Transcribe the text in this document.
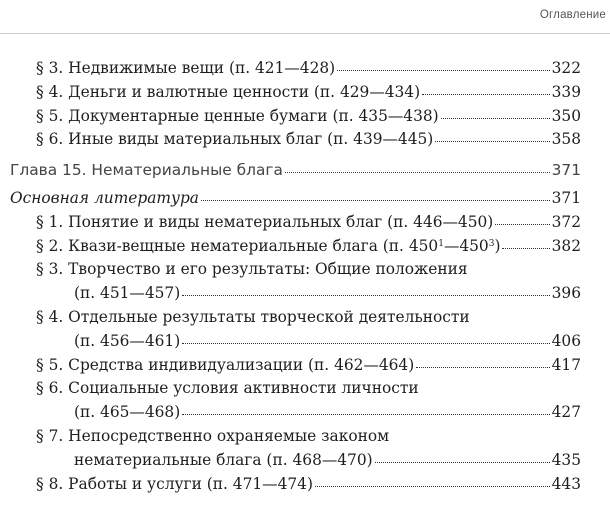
Оглавление
§ 3. Недвижимые вещи (п. 421—428)	322
§ 4. Деньги и валютные ценности (п. 429—434)	339
§ 5. Документарные ценные бумаги (п. 435—438)	350
§ 6. Иные виды материальных благ (п. 439—445)	358
Глава 15. Нематериальные блага	371
Основная литература	371
§ 1. Понятие и виды нематериальных благ (п. 446—450)	372
§ 2. Квази-вещные нематериальные блага (п. $450^1—450^3$)	382
§ 3. Творчество и его результаты: Общие положения
(п. 451—457)	396
§ 4. Отдельные результаты творческой деятельности
(п. 456—461)	406
§ 5. Средства индивидуализации (п. 462—464)	417
§ 6. Социальные условия активности личности
(п. 465—468)	427
§ 7. Непосредственно охраняемые законом
нематериальные блага (п. 468—470)	435
§ 8. Работы и услуги (п. 471—474)	443
